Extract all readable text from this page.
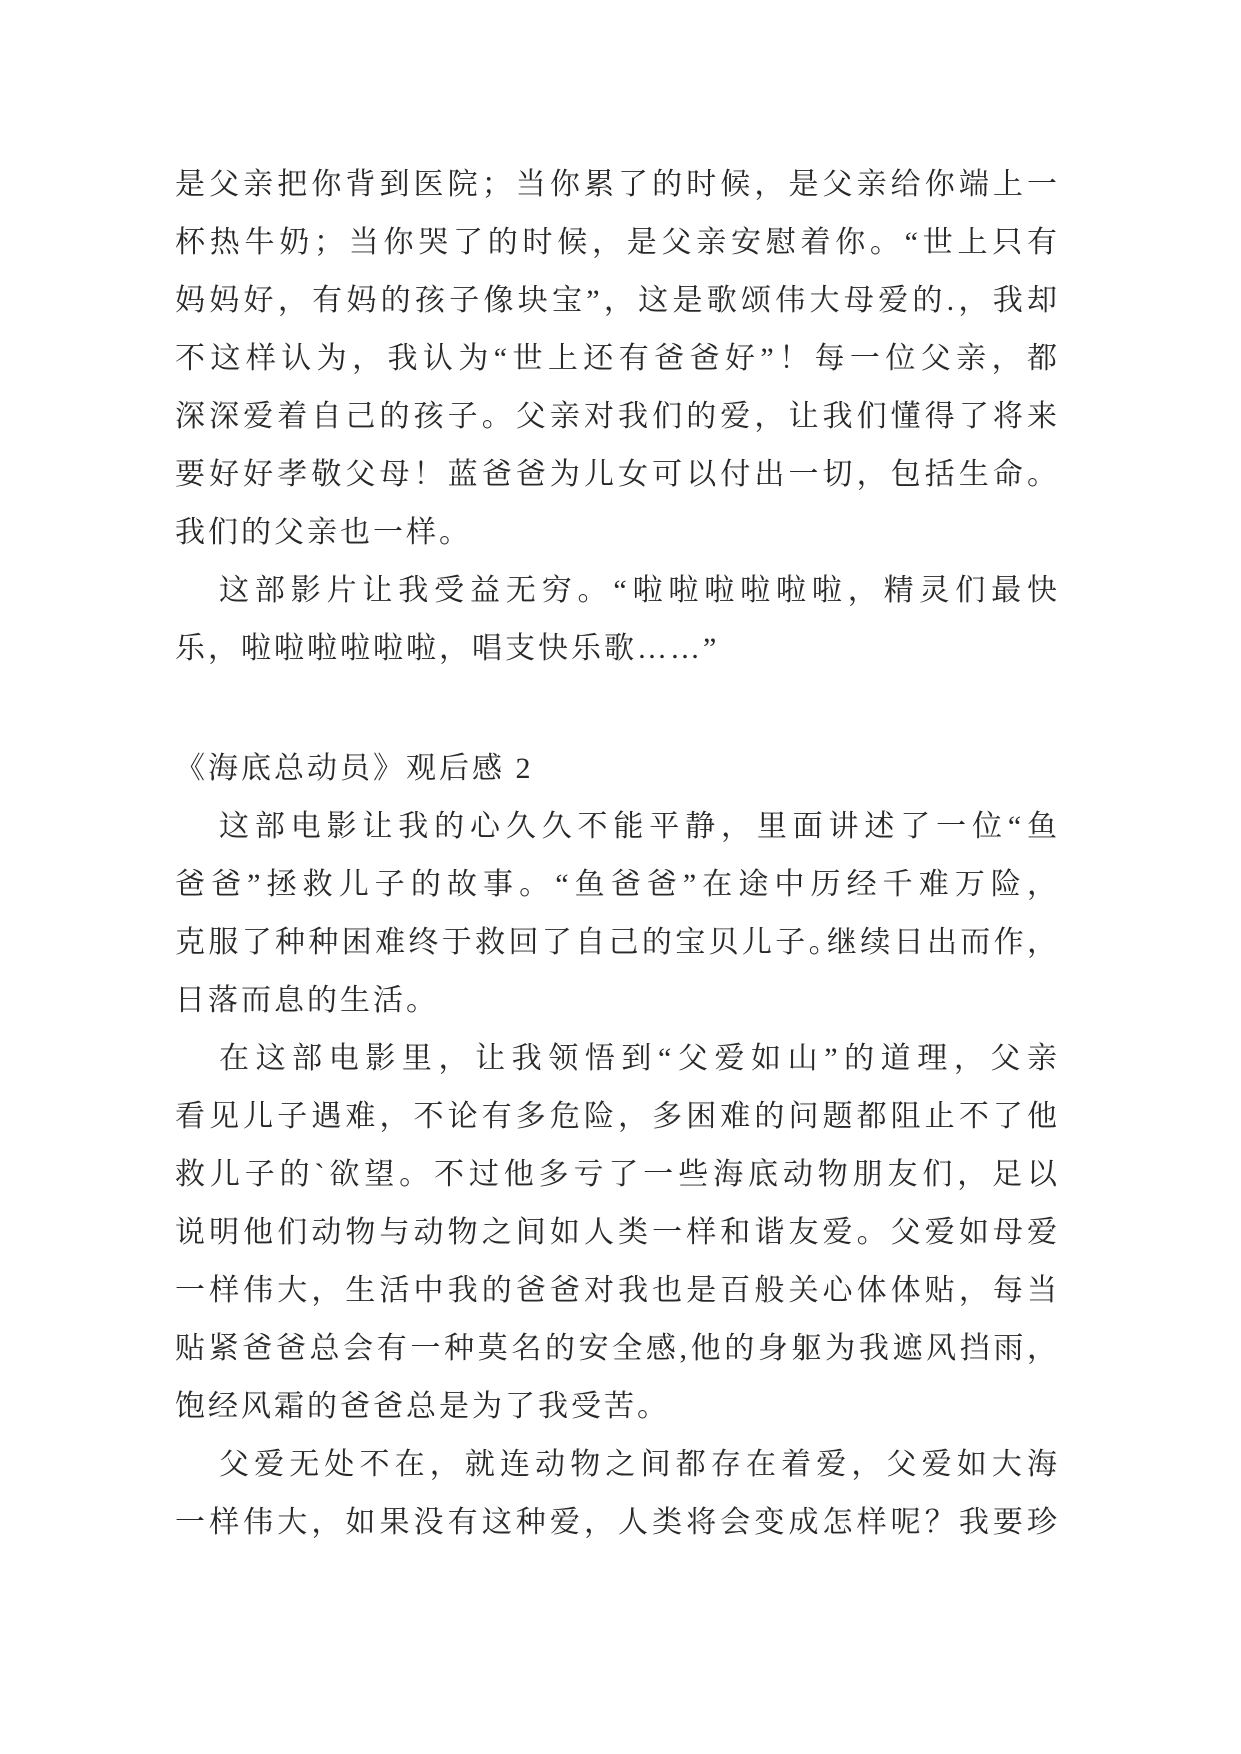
是父亲把你背到医院；当你累了的时候，是父亲给你端上一
杯热牛奶；当你哭了的时候，是父亲安慰着你。“世上只有
妈妈好，有妈的孩子像块宝”，这是歌颂伟大母爱的.，我却
不这样认为，我认为“世上还有爸爸好”！每一位父亲，都
深深爱着自己的孩子。父亲对我们的爱，让我们懂得了将来
要好好孝敬父母！蓝爸爸为儿女可以付出一切，包括生命。
我们的父亲也一样。
这部影片让我受益无穷。“啦啦啦啦啦啦，精灵们最快
乐，啦啦啦啦啦啦，唱支快乐歌……”
《海底总动员》观后感 2
这部电影让我的心久久不能平静，里面讲述了一位“鱼
爸爸”拯救儿子的故事。“鱼爸爸”在途中历经千难万险，
克服了种种困难终于救回了自己的宝贝儿子｡继续日出而作，
日落而息的生活。
在这部电影里，让我领悟到“父爱如山”的道理，父亲
看见儿子遇难，不论有多危险，多困难的问题都阻止不了他
救儿子的`欲望。不过他多亏了一些海底动物朋友们，足以
说明他们动物与动物之间如人类一样和谐友爱。父爱如母爱
一样伟大，生活中我的爸爸对我也是百般关心体体贴，每当
贴紧爸爸总会有一种莫名的安全感,他的身躯为我遮风挡雨，
饱经风霜的爸爸总是为了我受苦。
父爱无处不在，就连动物之间都存在着爱，父爱如大海
一样伟大，如果没有这种爱，人类将会变成怎样呢？我要珍
